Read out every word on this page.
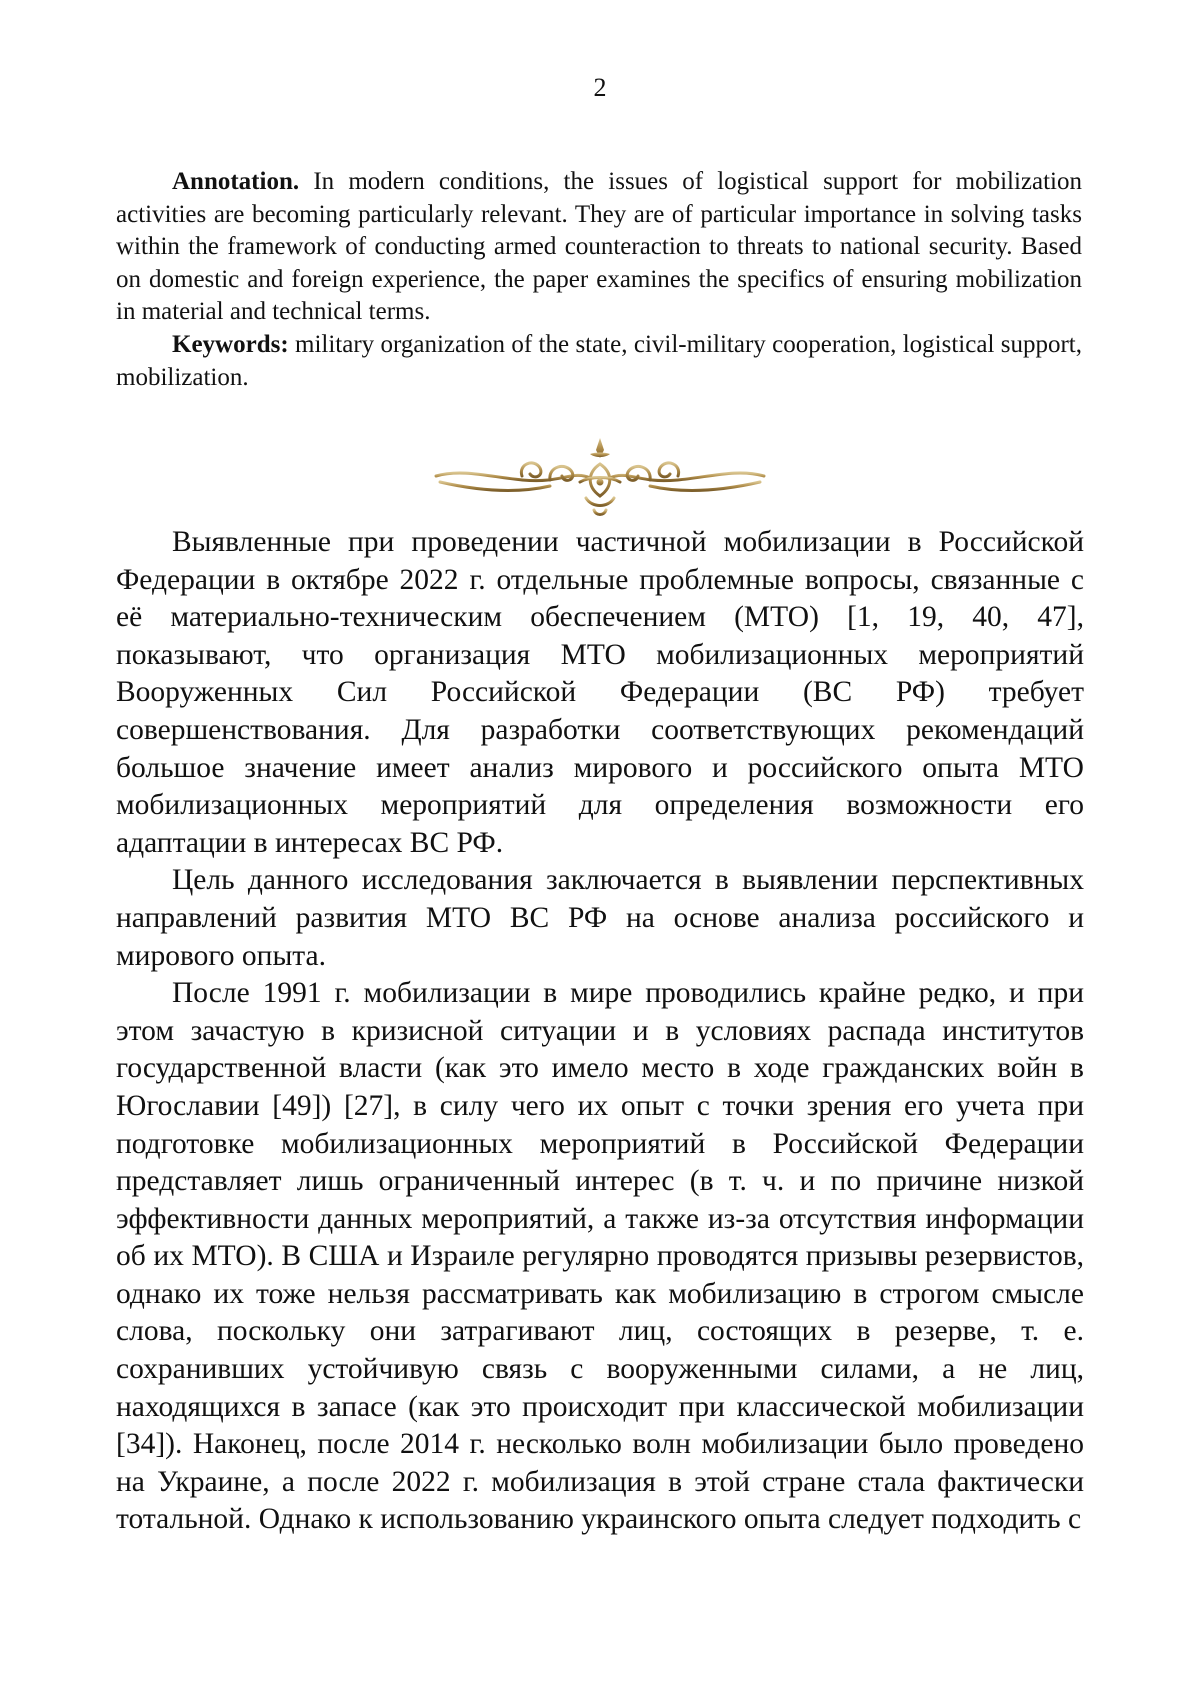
2

Annotation. In modern conditions, the issues of logistical support for mobilization activities are becoming particularly relevant. They are of particular importance in solving tasks within the framework of conducting armed counteraction to threats to national security. Based on domestic and foreign experience, the paper examines the specifics of ensuring mobilization in material and technical terms.

Keywords: military organization of the state, civil-military cooperation, logistical support, mobilization.

Выявленные при проведении частичной мобилизации в Российской Федерации в октябре 2022 г. отдельные проблемные вопросы, связанные с её материально-техническим обеспечением (МТО) [1, 19, 40, 47], показывают, что организация МТО мобилизационных мероприятий Вооруженных Сил Российской Федерации (ВС РФ) требует совершенствования. Для разработки соответствующих рекомендаций большое значение имеет анализ мирового и российского опыта МТО мобилизационных мероприятий для определения возможности его адаптации в интересах ВС РФ.

Цель данного исследования заключается в выявлении перспективных направлений развития МТО ВС РФ на основе анализа российского и мирового опыта.

После 1991 г. мобилизации в мире проводились крайне редко, и при этом зачастую в кризисной ситуации и в условиях распада институтов государственной власти (как это имело место в ходе гражданских войн в Югославии [49]) [27], в силу чего их опыт с точки зрения его учета при подготовке мобилизационных мероприятий в Российской Федерации представляет лишь ограниченный интерес (в т. ч. и по причине низкой эффективности данных мероприятий, а также из-за отсутствия информации об их МТО). В США и Израиле регулярно проводятся призывы резервистов, однако их тоже нельзя рассматривать как мобилизацию в строгом смысле слова, поскольку они затрагивают лиц, состоящих в резерве, т. е. сохранивших устойчивую связь с вооруженными силами, а не лиц, находящихся в запасе (как это происходит при классической мобилизации [34]). Наконец, после 2014 г. несколько волн мобилизации было проведено на Украине, а после 2022 г. мобилизация в этой стране стала фактически тотальной. Однако к использованию украинского опыта следует подходить с
